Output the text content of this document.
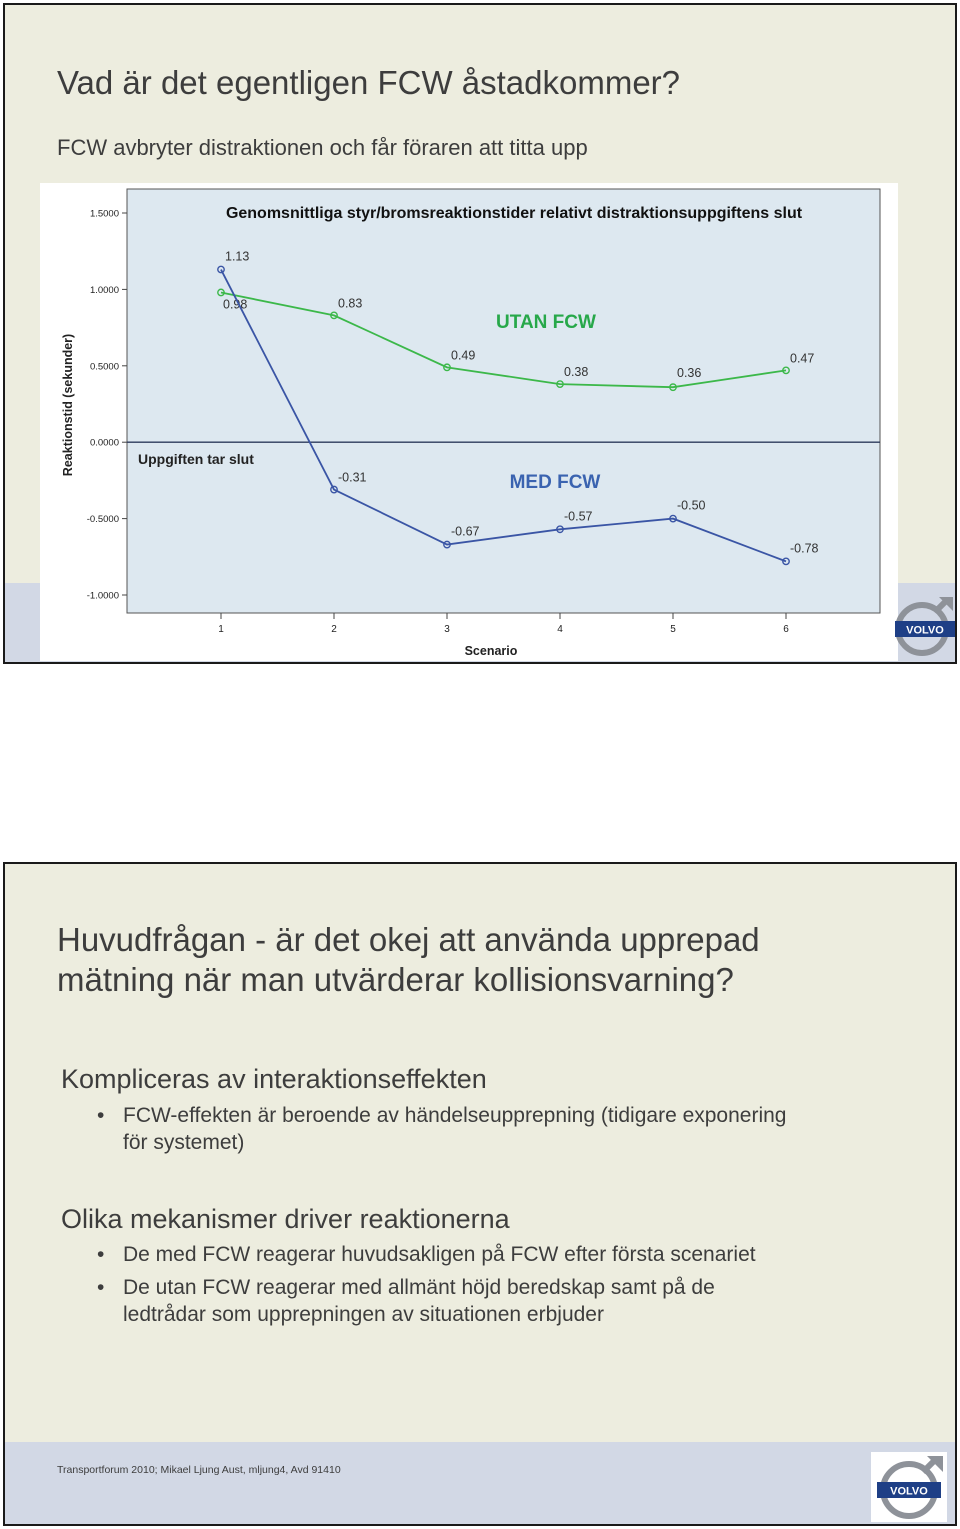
Vad är det egentligen FCW åstadkommer?
FCW avbryter distraktionen och får föraren att titta upp
1.5000
1.0000
0.5000
0.0000
-0.5000
-1.0000
1	2	3	4	5	6
Scenario
Reaktionstid (sekunder)
Genomsnittliga styr/bromsreaktionstider relativt distraktionsuppgiftens slut
Uppgiften tar slut
0.98	0.83
0.49
0.38	0.36
0.47
UTAN FCW
1.13
-0.31
-0.67
-0.57
-0.50
-0.78
MED FCW
VOLVO
Huvudfrågan - är det okej att använda upprepad
mätning när man utvärderar kollisionsvarning?
Kompliceras av interaktionseffekten
• FCW-effekten är beroende av händelseupprepning (tidigare exponering
för systemet)
Olika mekanismer driver reaktionerna
• De med FCW reagerar huvudsakligen på FCW efter första scenariet
• De utan FCW reagerar med allmänt höjd beredskap samt på de
ledtrådar som upprepningen av situationen erbjuder
Transportforum 2010; Mikael Ljung Aust, mljung4, Avd 91410
VOLVO
